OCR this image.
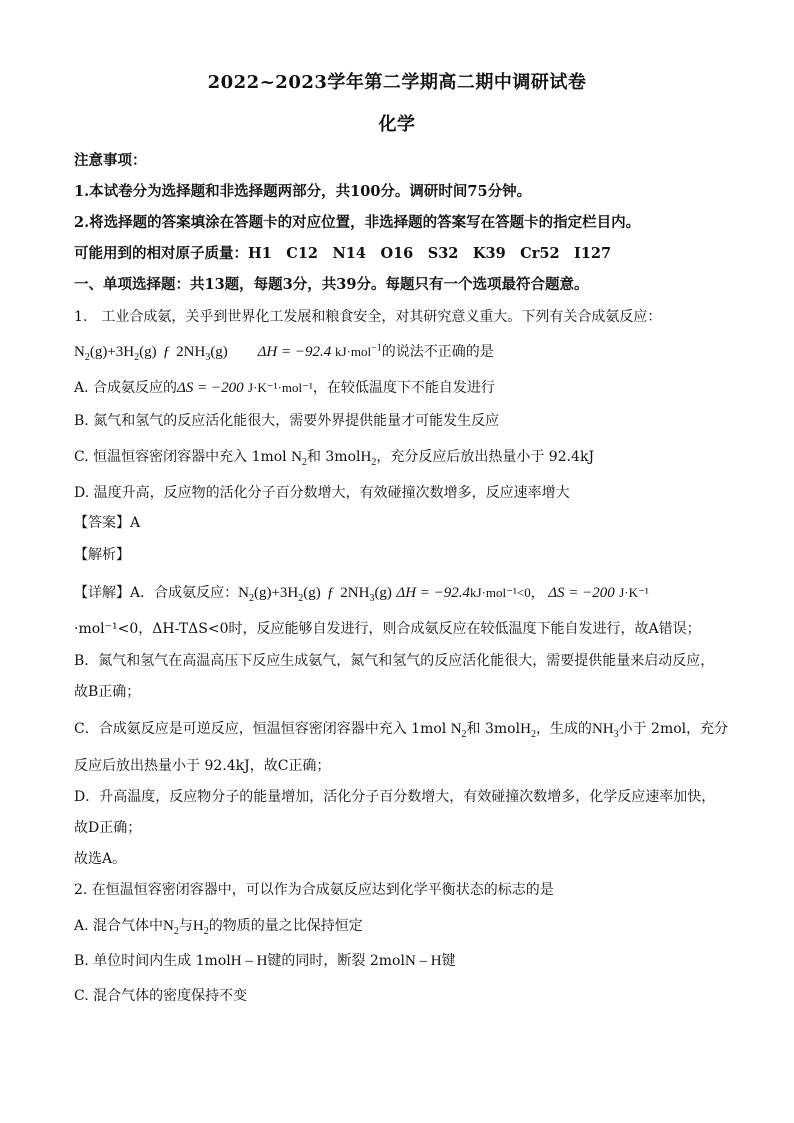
2022~2023学年第二学期高二期中调研试卷
化学
注意事项：
1.本试卷分为选择题和非选择题两部分，共100分。调研时间75分钟。
2.将选择题的答案填涂在答题卡的对应位置，非选择题的答案写在答题卡的指定栏目内。
可能用到的相对原子质量：H1　C12　N14　O16　S32　K39　Cr52　I127
一、单项选择题：共13题，每题3分，共39分。每题只有一个选项最符合题意。
1.　工业合成氨，关乎到世界化工发展和粮食安全，对其研究意义重大。下列有关合成氨反应：
$N_2(g)+3H_2(g)$ ƒ $2NH_3(g) \Delta H = -92.4$ kJ·mol$^{-1}$的说法不正确的是
A. 合成氨反应的ΔS = −200 J·K⁻¹·mol⁻¹，在较低温度下不能自发进行
B. 氮气和氢气的反应活化能很大，需要外界提供能量才可能发生反应
C. 恒温恒容密闭容器中充入 1mol $N_2$和 3molH$_2$，充分反应后放出热量小于 92.4kJ
D. 温度升高，反应物的活化分子百分数增大，有效碰撞次数增多，反应速率增大
【答案】A
【解析】
【详解】A．合成氨反应：$N_2(g)+3H_2(g)$ ƒ $2NH_3(g) \Delta H = -92.4kJ\cdot mol^{-1}<0$， ΔS = −200 J·K⁻¹
·mol⁻¹<0，ΔH-TΔS<0时，反应能够自发进行，则合成氨反应在较低温度下能自发进行，故A错误；
B．氮气和氢气在高温高压下反应生成氨气，氮气和氢气的反应活化能很大，需要提供能量来启动反应，
故B正确；
C．合成氨反应是可逆反应，恒温恒容密闭容器中充入 1mol $N_2$和 3molH$_2$，生成的$NH_3$小于 2mol，充分
反应后放出热量小于 92.4kJ，故C正确；
D．升高温度，反应物分子的能量增加，活化分子百分数增大，有效碰撞次数增多，化学反应速率加快，
故D正确；
故选A。
2. 在恒温恒容密闭容器中，可以作为合成氨反应达到化学平衡状态的标志的是
A. 混合气体中$N_2$与$H_2$的物质的量之比保持恒定
B. 单位时间内生成 1molH – H键的同时，断裂 2molN – H键
C. 混合气体的密度保持不变
